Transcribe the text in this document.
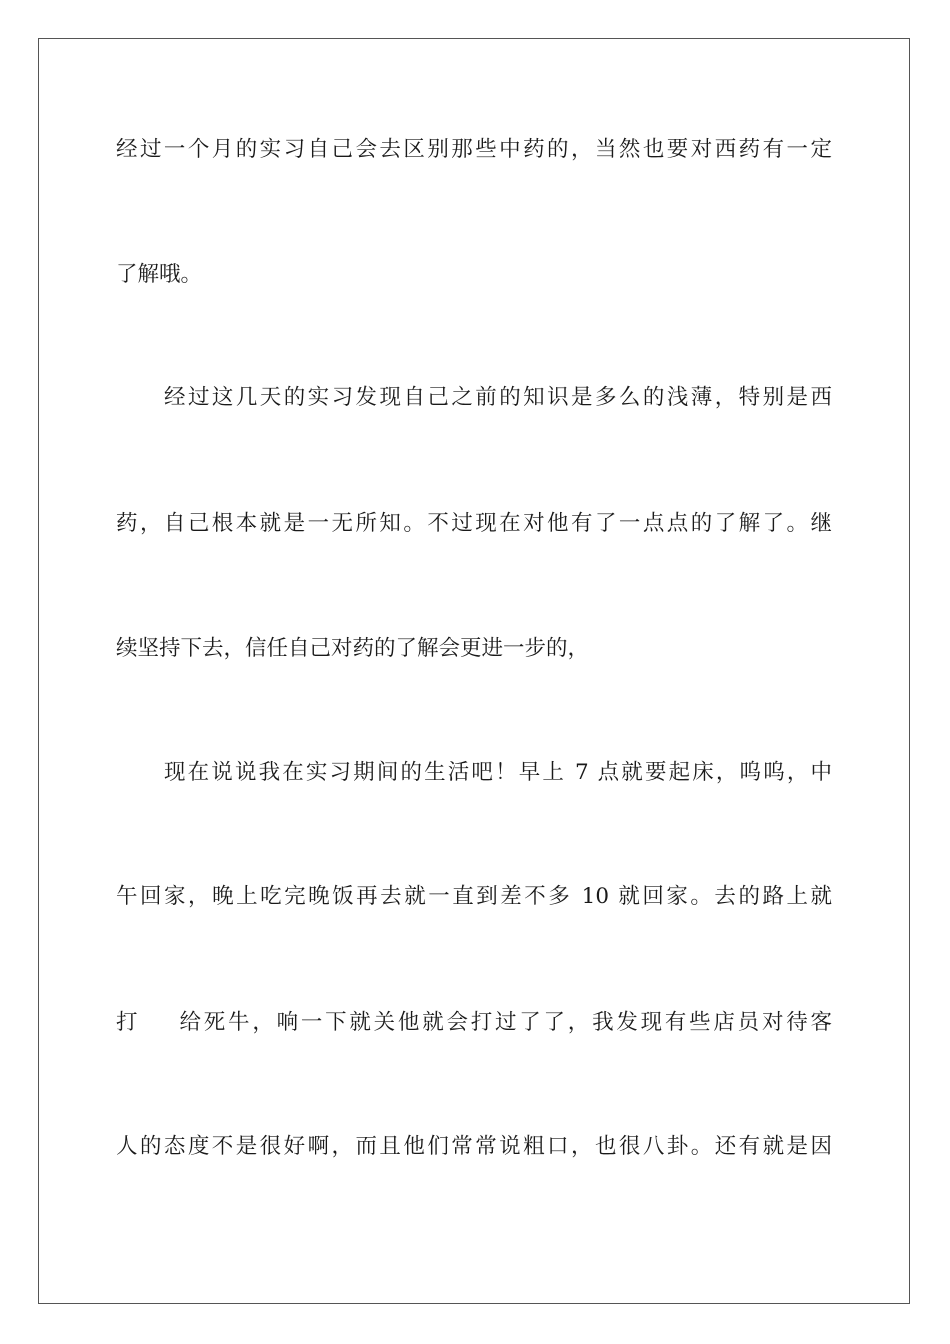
经过一个月的实习自己会去区别那些中药的，当然也要对西药有一定
了解哦。
经过这几天的实习发现自己之前的知识是多么的浅薄，特别是西
药，自己根本就是一无所知。不过现在对他有了一点点的了解了。继
续坚持下去，信任自己对药的了解会更进一步的，
现在说说我在实习期间的生活吧！早上 7 点就要起床，呜呜，中
午回家，晚上吃完晚饭再去就一直到差不多 10 就回家。去的路上就
打 给死牛，响一下就关他就会打过了了，我发现有些店员对待客
人的态度不是很好啊，而且他们常常说粗口，也很八卦。还有就是因
